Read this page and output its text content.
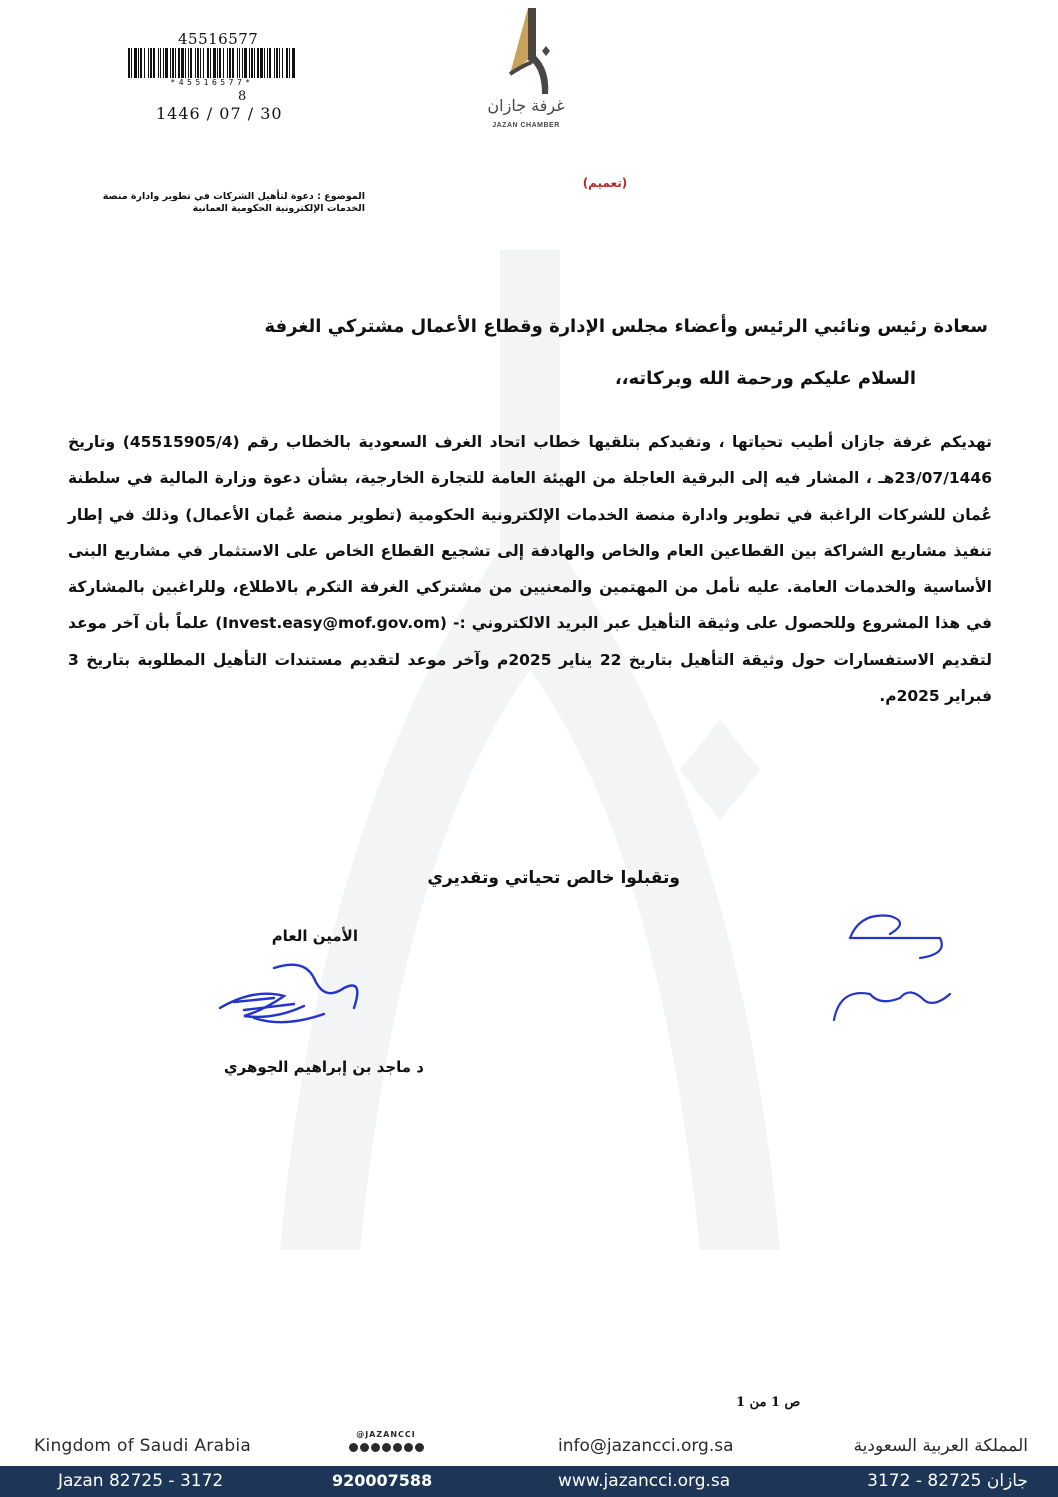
45516577
*45516577*
8
1446 / 07 / 30	غرفة جازان
JAZAN CHAMBER
(تعميم)
الموضوع : دعوة لتأهيل الشركات في تطوير وادارة منصة
الخدمات الإلكترونية الحكومية العمانية
سعادة رئيس ونائبي الرئيس وأعضاء مجلس الإدارة وقطاع الأعمال مشتركي الغرفة
السلام عليكم ورحمة الله وبركاته،،
تهديكم غرفة جازان أطيب تحياتها ، وتفيدكم بتلقيها خطاب اتحاد الغرف السعودية بالخطاب رقم (45515905/4) وتاريخ 23/07/1446هـ ، المشار فيه إلى البرقية العاجلة من الهيئة العامة للتجارة الخارجية، بشأن دعوة وزارة المالية في سلطنة عُمان للشركات الراغبة في تطوير وادارة منصة الخدمات الإلكترونية الحكومية (تطوير منصة عُمان الأعمال) وذلك في إطار تنفيذ مشاريع الشراكة بين القطاعين العام والخاص والهادفة إلى تشجيع القطاع الخاص على الاستثمار في مشاريع البنى الأساسية والخدمات العامة. عليه نأمل من المهتمين والمعنيين من مشتركي الغرفة التكرم بالاطلاع، وللراغبين بالمشاركة في هذا المشروع وللحصول على وثيقة التأهيل عبر البريد الالكتروني :- (Invest.easy@mof.gov.om) علماً بأن آخر موعد لتقديم الاستفسارات حول وثيقة التأهيل بتاريخ 22 يناير 2025م وآخر موعد لتقديم مستندات التأهيل المطلوبة بتاريخ 3 فبراير 2025م.
وتقبلوا خالص تحياتي وتقديري
الأمين العام
د ماجد بن إبراهيم الجوهري
ص 1 من 1
Kingdom of Saudi Arabia
@JAZANCCI
info@jazancci.org.sa	المملكة العربية السعودية
Jazan 82725 - 3172	920007588	www.jazancci.org.sa	جازان 82725 - 3172
